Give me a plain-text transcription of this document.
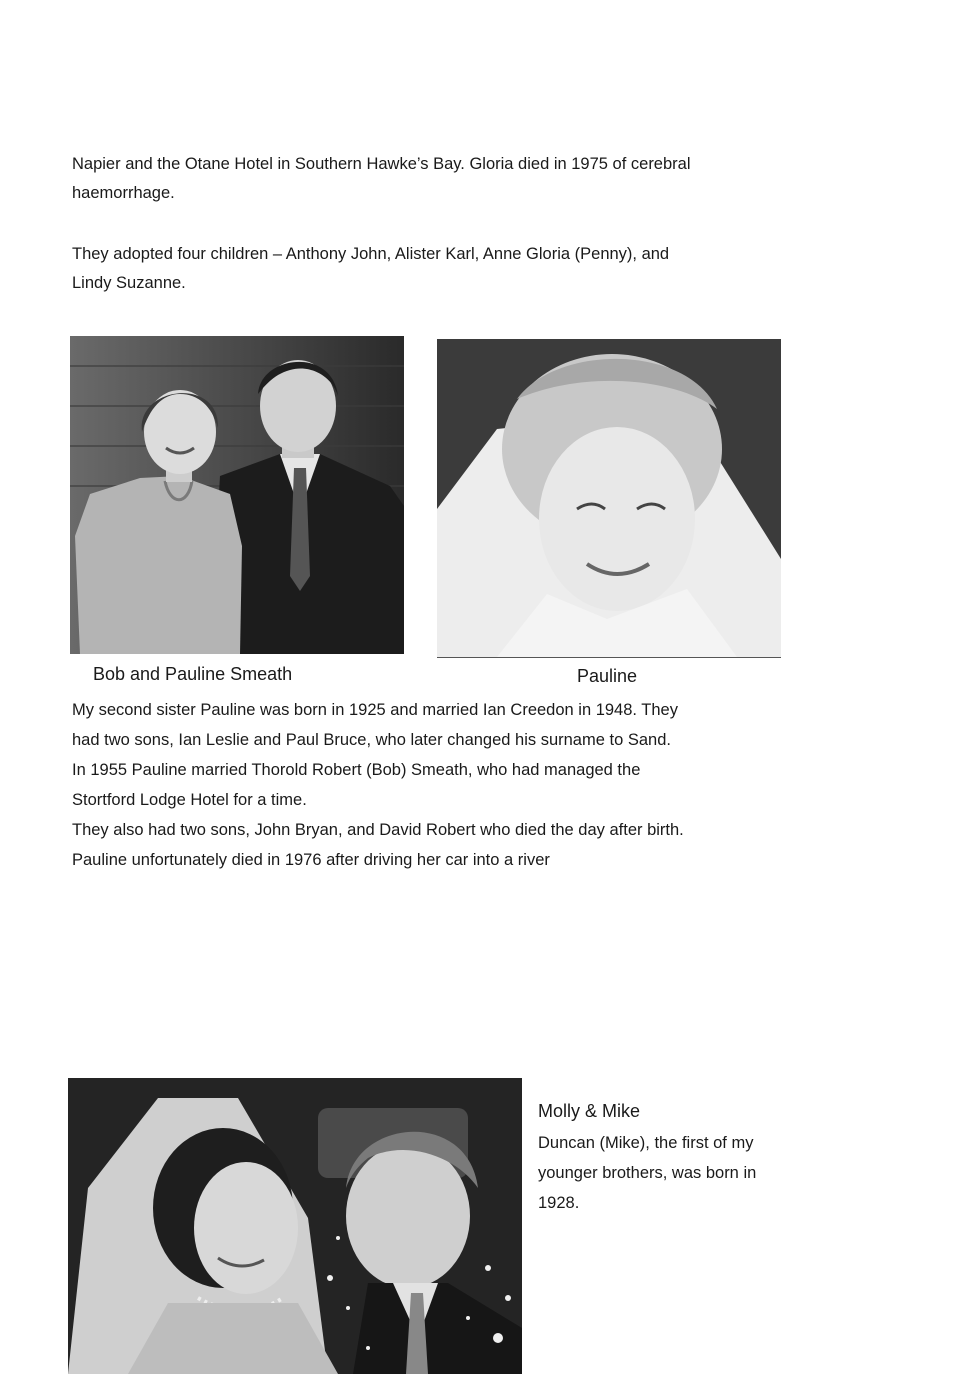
Napier and the Otane Hotel in Southern Hawke’s Bay. Gloria died in 1975 of cerebral
haemorrhage.
They adopted four children – Anthony John, Alister Karl, Anne Gloria (Penny), and
Lindy Suzanne.

Bob and Pauline Smeath	Pauline

My second sister Pauline was born in 1925 and married Ian Creedon in 1948. They
had two sons, Ian Leslie and Paul Bruce, who later changed his surname to Sand.
In 1955 Pauline married Thorold Robert (Bob) Smeath, who had managed the
Stortford Lodge Hotel for a time.
They also had two sons, John Bryan, and David Robert who died the day after birth.
Pauline unfortunately died in 1976 after driving her car into a river
Molly & Mike
Duncan (Mike), the first of my
younger brothers, was born in
1928.
